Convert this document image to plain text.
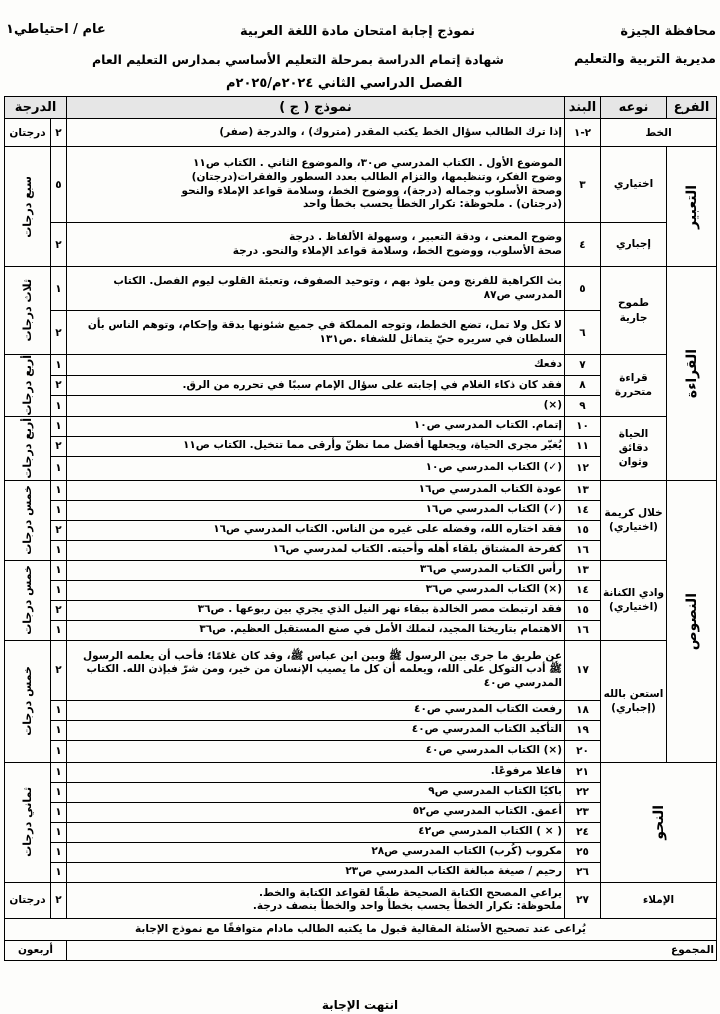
محافظة الجيزة
نموذج إجابة امتحان مادة اللغة العربية
عام / احتياطي١
مديرية التربية والتعليم
شهادة إتمام الدراسة بمرحلة التعليم الأساسي بمدارس التعليم العام
الفصل الدراسي الثاني ٢٠٢٤م/٢٠٢٥م
الفرع	نوعه	البند	نموذج ( ج )	الدرجة	
الخط		٢-١	إذا ترك الطالب سؤال الخط يكتب المقدر (متروك) ، والدرجة (صفر)	٢	درجتان

التعبير	اختياري	٣	الموضوع الأول . الكتاب المدرسي ص٣٠، والموضوع الثاني . الكتاب ص١١
وضوح الفكر، وتنظيمها، والتزام الطالب بعدد السطور والفقرات(درجتان)
وصحة الأسلوب وجماله (درجة)، ووضوح الخط، وسلامة قواعد الإملاء والنحو
(درجتان) . ملحوظة: تكرار الخطأ يحسب بخطأ واحد	٥	سبع درجات

	إجباري	٤	وضوح المعنى ، ودقة التعبير ، وسهولة الألفاظ . درجة
صحة الأسلوب، ووضوح الخط، وسلامة قواعد الإملاء والنحو. درجة	٢	

القراءة	طموح جارية	٥	بث الكراهية للفرنج ومن يلوذ بهم ، وتوحيد الصفوف، وتعبئة القلوب ليوم الفصل. الكتاب المدرسي ص٨٧	١	ثلاث درجات

		٦	لا تكل ولا تمل، تضع الخطط، وتوجه المملكة في جميع شئونها بدقة وإحكام، وتوهم الناس بأن السلطان في سريره حيّ يتماثل للشفاء .ص١٣١	٢	
	قراءة متحررة	٧	دفعك	١	أربع درجات

		٨	فقد كان ذكاء الغلام في إجابته على سؤال الإمام سببًا في تحرره من الرق.	٢	
		٩	(×)	١	
	الحياة دقائق وثوان	١٠	إتمام. الكتاب المدرسي ص١٠	١	أربع درجات

		١١	يُغيّر مجرى الحياة، ويجعلها أفضل مما نظنّ وأرقى مما تتخيل. الكتاب ص١١	٢	
		١٢	(✓) الكتاب المدرسي ص١٠	١	

النصوص	خلال كريمة (اختياري)	١٣	عودة الكتاب المدرسي ص١٦	١	خمس درجات

		١٤	(✓) الكتاب المدرسي ص١٦	١	
		١٥	فقد اختاره الله، وفضله على غيره من الناس. الكتاب المدرسي ص١٦	٢	
		١٦	كفرحة المشتاق بلقاء أهله وأحبته. الكتاب لمدرسي ص١٦	١	
	وادي الكنانة (اختياري)	١٣	رأس الكتاب المدرسي ص٣٦	١	خمس درجات

		١٤	(×) الكتاب المدرسي ص٣٦	١	
		١٥	فقد ارتبطت مصر الخالدة ببقاء نهر النيل الذي يجري بين ربوعها . ص٣٦	٢	
		١٦	الاهتمام بتاريخنا المجيد، لنملك الأمل في صنع المستقبل العظيم. ص٣٦	١	
	استعن بالله (إجباري)	١٧	عن طريق ما جرى بين الرسول ﷺ وبين ابن عباس ﷺ، وقد كان غلامًا؛ فأحب أن يعلمه الرسول ﷺ أدب التوكل على الله، ويعلمه أن كل ما يصيب الإنسان من خير، ومن شرّ فبإذن الله. الكتاب المدرسي ص٤٠	٢	خمس درجات

		١٨	رفعت الكتاب المدرسي ص٤٠	١	
		١٩	التأكيد الكتاب المدرسي ص٤٠	١	
		٢٠	(×) الكتاب المدرسي ص٤٠	١	

النحو		٢١	فاعلا مرفوعًا.	١	ثماني درجات

		٢٢	باكيًا الكتاب المدرسي ص٩	١	
		٢٣	أعمق. الكتاب المدرسي ص٥٢	١	
		٢٤	( × ) الكتاب المدرسي ص٤٢	١	
		٢٥	مكروب (كُرب) الكتاب المدرسي ص٢٨	١	
		٢٦	رحيم / صيغة مبالغة الكتاب المدرسي ص٢٣	١	
الإملاء		٢٧	يراعي المصحح الكتابة الصحيحة طبقًا لقواعد الكتابة والخط.
ملحوظة: تكرار الخطأ يحسب بخطأ واحد والخطأ بنصف درجة.	٢	درجتان
يُراعى عند تصحيح الأسئلة المقالية قبول ما يكتبه الطالب مادام متوافقًا مع نموذج الإجابة					
المجموع				أربعون	
انتهت الإجابة
